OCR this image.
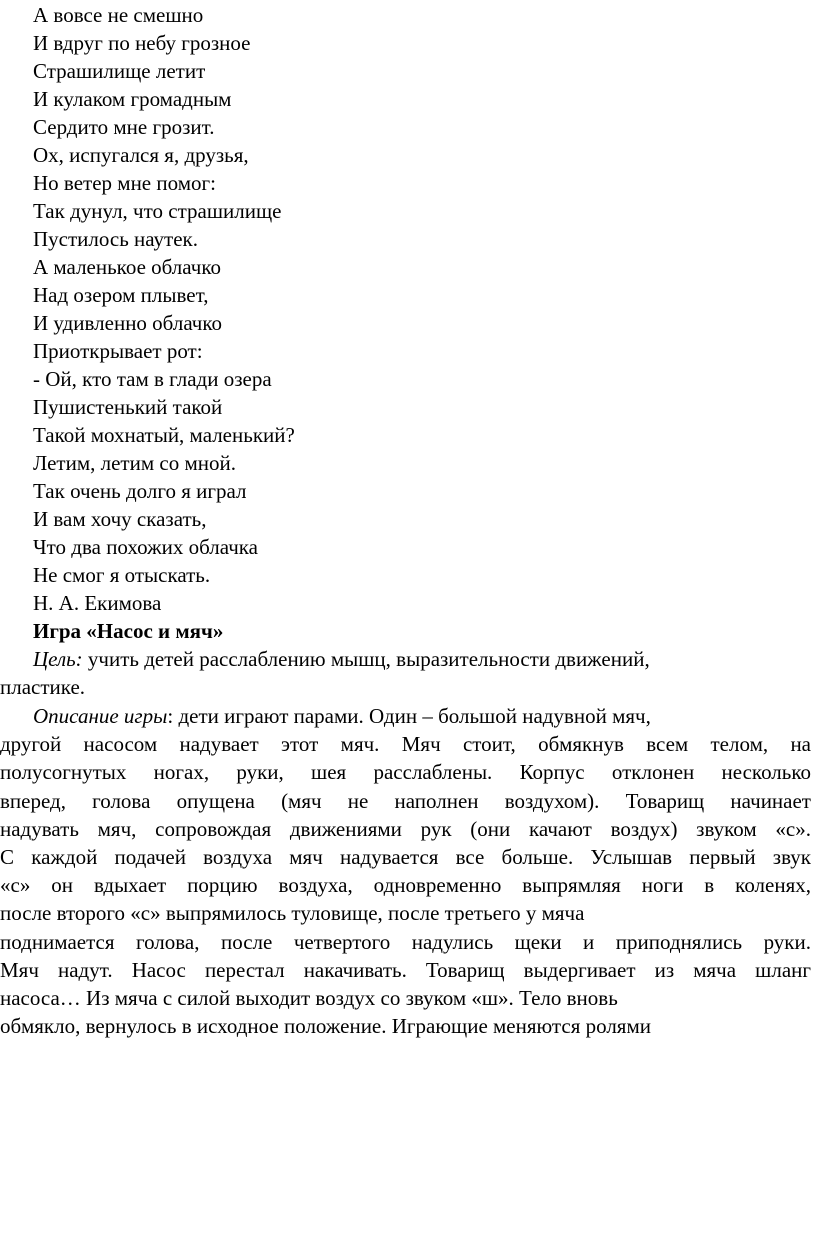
А вовсе не смешно
И вдруг по небу грозное
Страшилище летит
И кулаком громадным
Сердито мне грозит.
Ох, испугался я, друзья,
Но ветер мне помог:
Так дунул, что страшилище
Пустилось наутек.
А маленькое облачко
Над озером плывет,
И удивленно облачко
Приоткрывает рот:
- Ой, кто там в глади озера
Пушистенький такой
Такой мохнатый, маленький?
Летим, летим со мной.
Так очень долго я играл
И вам хочу сказать,
Что два похожих облачка
Не смог я отыскать.
Н. А. Екимова
Игра «Насос и мяч»

Цель: учить детей расслаблению мышц, выразительности движений,
пластике.

Описание игры: дети играют парами. Один – большой надувной мяч,
другой насосом надувает этот мяч. Мяч стоит, обмякнув всем телом, на
полусогнутых ногах, руки, шея расслаблены. Корпус отклонен несколько
вперед, голова опущена (мяч не наполнен воздухом). Товарищ начинает
надувать мяч, сопровождая движениями рук (они качают воздух) звуком «с».
С каждой подачей воздуха мяч надувается все больше. Услышав первый звук
«с» он вдыхает порцию воздуха, одновременно выпрямляя ноги в коленях,
после второго «с» выпрямилось туловище, после третьего у мяча
поднимается голова, после четвертого надулись щеки и приподнялись руки.
Мяч надут. Насос перестал накачивать. Товарищ выдергивает из мяча шланг
насоса… Из мяча с силой выходит воздух со звуком «ш». Тело вновь
обмякло, вернулось в исходное положение. Играющие меняются ролями
